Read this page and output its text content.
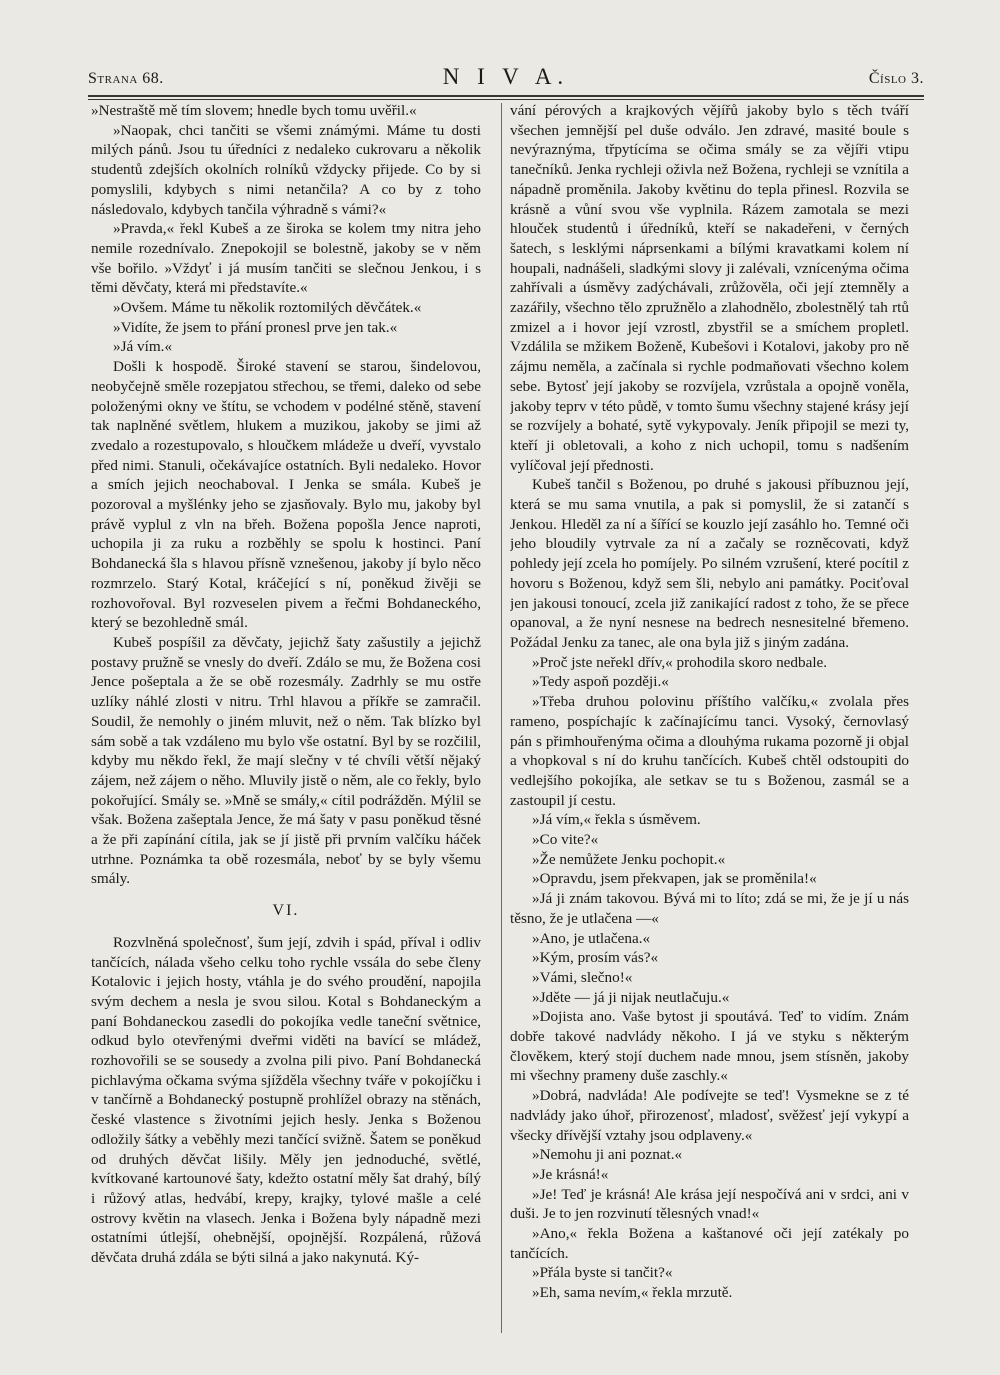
Strana 68.	N I V A.	Číslo 3.

»Nestraště mě tím slovem; hnedle bych tomu uvěřil.«

»Naopak, chci tančiti se všemi známými. Máme tu dosti milých pánů. Jsou tu úředníci z nedaleko cukrovaru a několik studentů zdejších okolních rolníků vždycky přijede. Co by si pomyslili, kdybych s nimi netančila? A co by z toho následovalo, kdybych tančila výhradně s vámi?«

»Pravda,« řekl Kubeš a ze široka se kolem tmy nitra jeho nemile rozednívalo. Znepokojil se bolestně, jakoby se v něm vše bořilo. »Vždyť i já musím tančiti se slečnou Jenkou, i s těmi děvčaty, která mi představíte.«

»Ovšem. Máme tu několik roztomilých děvčátek.«

»Vidíte, že jsem to přání pronesl prve jen tak.«

»Já vím.«

Došli k hospodě. Široké stavení se starou, šindelovou, neobyčejně směle rozepjatou střechou, se třemi, daleko od sebe položenými okny ve štítu, se vchodem v podélné stěně, stavení tak naplněné světlem, hlukem a muzikou, jakoby se jimi až zvedalo a rozestupovalo, s hloučkem mládeže u dveří, vyvstalo před nimi. Stanuli, očekávajíce ostatních. Byli nedaleko. Hovor a smích jejich neochaboval. I Jenka se smála. Kubeš je pozoroval a myšlénky jeho se zjasňovaly. Bylo mu, jakoby byl právě vyplul z vln na břeh. Božena popošla Jence naproti, uchopila ji za ruku a rozběhly se spolu k hostinci. Paní Bohdanecká šla s hlavou přísně vznešenou, jakoby jí bylo něco rozmrzelo. Starý Kotal, kráčející s ní, poněkud živěji se rozhovořoval. Byl rozveselen pivem a řečmi Bohdaneckého, který se bezohledně smál.

Kubeš pospíšil za děvčaty, jejichž šaty zašustily a jejichž postavy pružně se vnesly do dveří. Zdálo se mu, že Božena cosi Jence pošeptala a že se obě rozesmály. Zadrhly se mu ostře uzlíky náhlé zlosti v nitru. Trhl hlavou a příkře se zamračil. Soudil, že nemohly o jiném mluvit, než o něm. Tak blízko byl sám sobě a tak vzdáleno mu bylo vše ostatní. Byl by se rozčilil, kdyby mu někdo řekl, že mají slečny v té chvíli větší nějaký zájem, než zájem o něho. Mluvily jistě o něm, ale co řekly, bylo pokořující. Smály se. »Mně se smály,« cítil podrážděn. Mýlil se však. Božena zašeptala Jence, že má šaty v pasu poněkud těsné a že při zapínání cítila, jak se jí jistě při prvním valčíku háček utrhne. Poznámka ta obě rozesmála, neboť by se byly všemu smály.

VI.

Rozvlněná společnosť, šum její, zdvih i spád, příval i odliv tančících, nálada všeho celku toho rychle vssála do sebe členy Kotalovic i jejich hosty, vtáhla je do svého proudění, napojila svým dechem a nesla je svou silou. Kotal s Bohdaneckým a paní Bohdaneckou zasedli do pokojíka vedle taneční světnice, odkud bylo otevřenými dveřmi viděti na bavící se mládež, rozhovořili se se sousedy a zvolna pili pivo. Paní Bohdanecká pichlavýma očkama svýma sjížděla všechny tváře v pokojíčku i v tančírně a Bohdanecký postupně prohlížel obrazy na stěnách, české vlastence s životními jejich hesly. Jenka s Boženou odložily šátky a veběhly mezi tančící svižně. Šatem se poněkud od druhých děvčat lišily. Měly jen jednoduché, světlé, kvítkované kartounové šaty, kdežto ostatní měly šat drahý, bílý i růžový atlas, hedvábí, krepy, krajky, tylové mašle a celé ostrovy květin na vlasech. Jenka i Božena byly nápadně mezi ostatními útlejší, ohebnější, opojnější. Rozpálená, růžová děvčata druhá zdála se býti silná a jako nakynutá. Ký-

vání pérových a krajkových vějířů jakoby bylo s těch tváří všechen jemnější pel duše odválo. Jen zdravé, masité boule s nevýraznýma, třpytícíma se očima smály se za vějíři vtipu tanečníků. Jenka rychleji oživla než Božena, rychleji se vznítila a nápadně proměnila. Jakoby květinu do tepla přinesl. Rozvila se krásně a vůní svou vše vyplnila. Rázem zamotala se mezi hlouček studentů i úředníků, kteří se nakadeřeni, v černých šatech, s lesklými náprsenkami a bílými kravatkami kolem ní houpali, nadnášeli, sladkými slovy ji zalévali, vznícenýma očima zahřívali a úsměvy zadýchávali, zrůžověla, oči její ztemněly a zazářily, všechno tělo zpružnělo a zlahodnělo, zbolestnělý tah rtů zmizel a i hovor její vzrostl, zbystřil se a smíchem propletl. Vzdálila se mžikem Boženě, Kubešovi i Kotalovi, jakoby pro ně zájmu neměla, a začínala si rychle podmaňovati všechno kolem sebe. Bytosť její jakoby se rozvíjela, vzrůstala a opojně voněla, jakoby teprv v této půdě, v tomto šumu všechny stajené krásy její se rozvíjely a bohaté, sytě vykypovaly. Jeník připojil se mezi ty, kteří ji obletovali, a koho z nich uchopil, tomu s nadšením vylíčoval její přednosti.

Kubeš tančil s Boženou, po druhé s jakousi příbuznou její, která se mu sama vnutila, a pak si pomyslil, že si zatančí s Jenkou. Hleděl za ní a šířící se kouzlo její zasáhlo ho. Temné oči jeho bloudily vytrvale za ní a začaly se rozněcovati, když pohledy její zcela ho pomíjely. Po silném vzrušení, které pocítil z hovoru s Boženou, když sem šli, nebylo ani památky. Pociťoval jen jakousi tonoucí, zcela již zanikající radost z toho, že se přece opanoval, a že nyní nesnese na bedrech nesnesitelné břemeno. Požádal Jenku za tanec, ale ona byla již s jiným zadána.

»Proč jste neřekl dřív,« prohodila skoro nedbale.

»Tedy aspoň později.«

»Třeba druhou polovinu příštího valčíku,« zvolala přes rameno, pospíchajíc k začínajícímu tanci. Vysoký, černovlasý pán s přimhouřenýma očima a dlouhýma rukama pozorně ji objal a vhopkoval s ní do kruhu tančících. Kubeš chtěl odstoupiti do vedlejšího pokojíka, ale setkav se tu s Boženou, zasmál se a zastoupil jí cestu.

»Já vím,« řekla s úsměvem.

»Co vite?«

»Že nemůžete Jenku pochopit.«

»Opravdu, jsem překvapen, jak se proměnila!«

»Já ji znám takovou. Bývá mi to líto; zdá se mi, že je jí u nás těsno, že je utlačena —«

»Ano, je utlačena.«

»Kým, prosím vás?«

»Vámi, slečno!«

»Jděte — já ji nijak neutlačuju.«

»Dojista ano. Vaše bytost ji spoutává. Teď to vidím. Znám dobře takové nadvlády někoho. I já ve styku s některým člověkem, který stojí duchem nade mnou, jsem stísněn, jakoby mi všechny prameny duše zaschly.«

»Dobrá, nadvláda! Ale podívejte se teď! Vysmekne se z té nadvlády jako úhoř, přirozenosť, mladosť, svěžesť její vykypí a všecky dřívější vztahy jsou odplaveny.«

»Nemohu ji ani poznat.«

»Je krásná!«

»Je! Teď je krásná! Ale krása její nespočívá ani v srdci, ani v duši. Je to jen rozvinutí tělesných vnad!«

»Ano,« řekla Božena a kaštanové oči její zatékaly po tančících.

»Přála byste si tančit?«

»Eh, sama nevím,« řekla mrzutě.
